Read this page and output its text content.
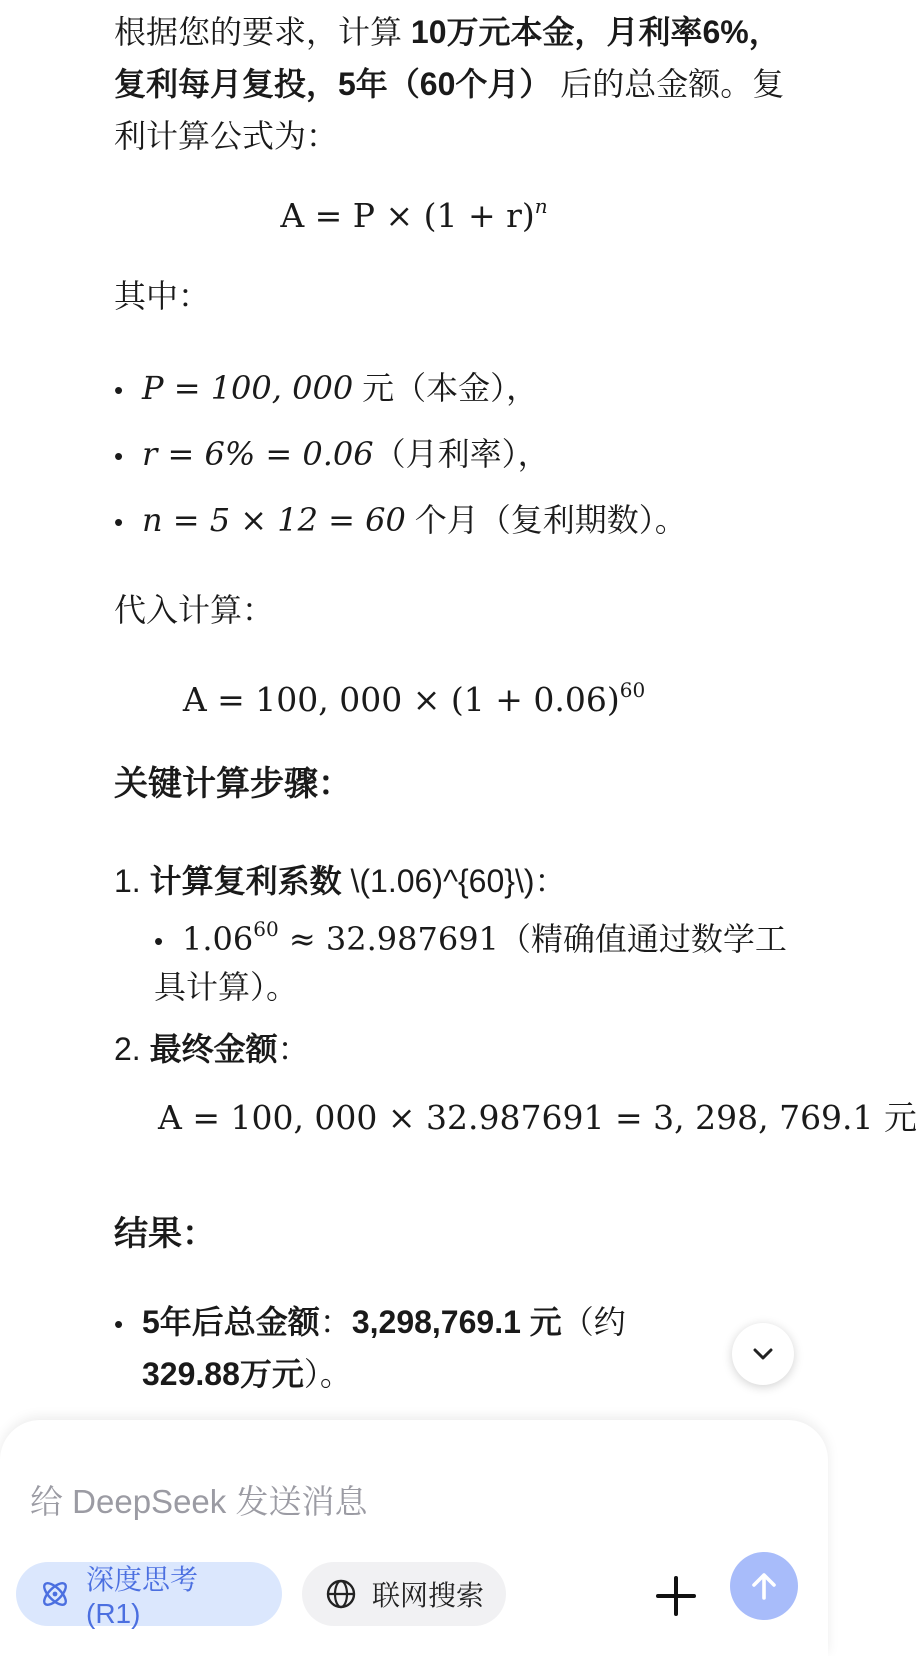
根据您的要求，计算 10万元本金，月利率6%，复利每月复投，5年（60个月） 后的总金额。复利计算公式为：
$A = P \times (1 + r)^n$
其中：
• P = 100, 000 元（本金），
• r = 6% = 0.06（月利率），
• n = 5 × 12 = 60 个月（复利期数）。
代入计算：
A = 100, $000 \times (1 + 0.06)^{60}$
关键计算步骤：
1. 计算复利系数 \(1.06)^{60}\)：
• $1.06^{60} \approx 32.987691$（精确值通过数学工具计算）。
2. 最终金额：
A = 100, 000 × 32.987691 = 3, 298, 769.1 元
结果：
• 5年后总金额：3,298,769.1 元（约
329.88万元）。
给 DeepSeek 发送消息
深度思考 (R1)
联网搜索
